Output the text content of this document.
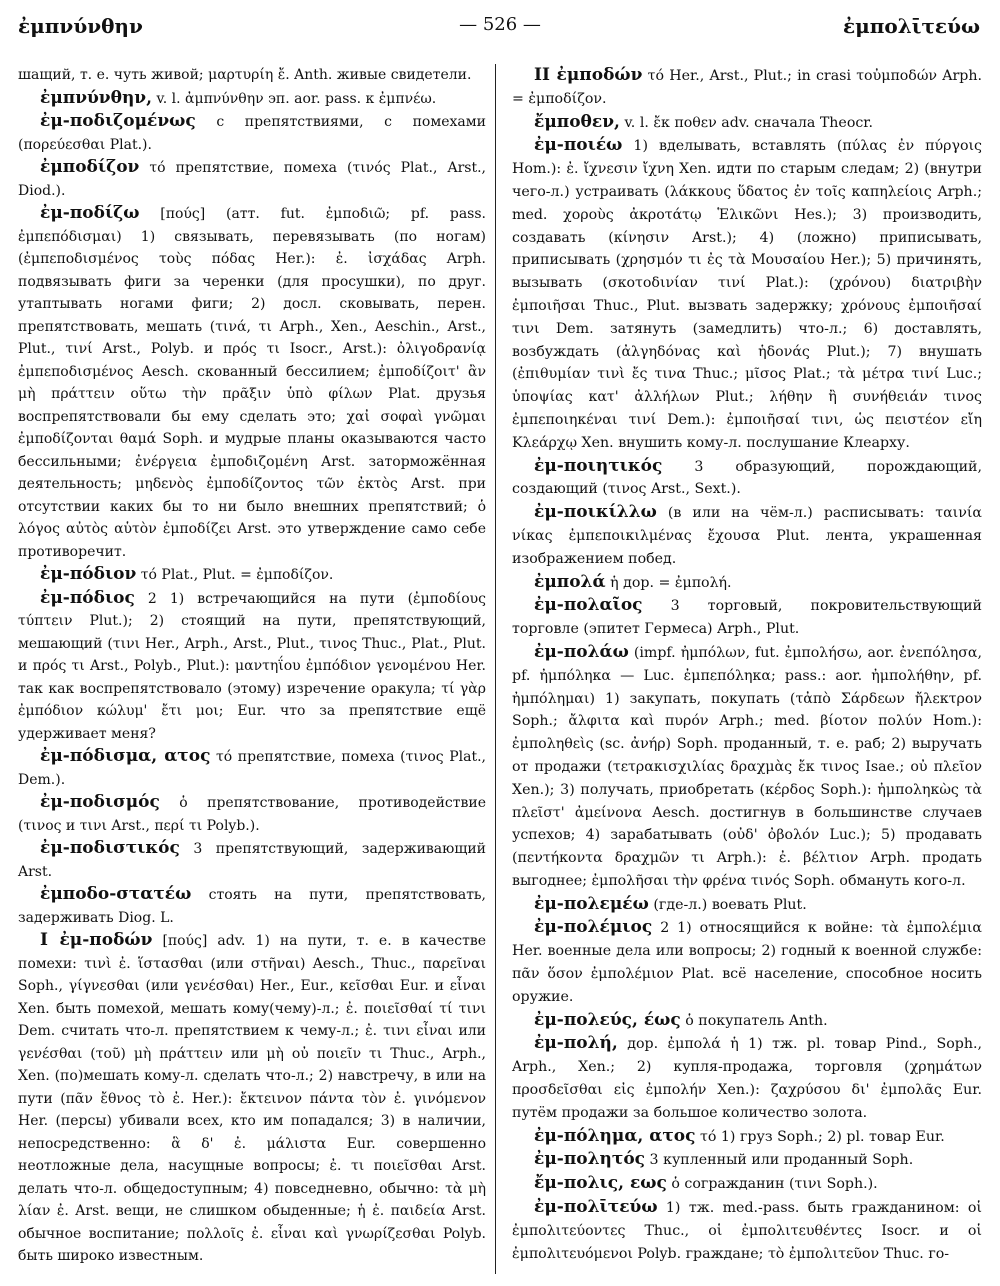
ἐμπνύνθην	— 526 —	ἐμπολῑτεύω

шащий, т. е. чуть живой; μαρτυρίη ἔ. Anth. живые свидетели.

ἐμπνύνθην, v. l. ἀμπνύνθην эп. aor. pass. к ἐμπνέω.

ἐμ-ποδιζομένως с препятствиями, с помехами (πορεύεσθαι Plat.).

ἐμποδίζον τό препятствие, помеха (τινός Plat., Arst., Diod.).

ἐμ-ποδίζω [πούς] (атт. fut. ἐμποδιῶ; pf. pass. ἐμπεπόδισμαι) 1) связывать, перевязывать (по ногам) (ἐμπεποδισμένος τοὺς πόδας Her.): ἐ. ἰσχάδας Arph. подвязывать фиги за черенки (для просушки), по друг. утаптывать ногами фиги; 2) досл. сковывать, перен. препятствовать, мешать (τινά, τι Arph., Xen., Aeschin., Arst., Plut., τινί Arst., Polyb. и πρός τι Isocr., Arst.): ὀλιγοδρανίᾳ ἐμπεποδισμένος Aesch. скованный бессилием; ἐμποδίζοιτ' ἂν μὴ πράττειν οὕτω τὴν πρᾶξιν ὑπὸ φίλων Plat. друзья воспрепятствовали бы ему сделать это; χαἰ σοφαὶ γνῶμαι ἐμποδίζονται θαμά Soph. и мудрые планы оказываются часто бессильными; ἐνέργεια ἐμποδιζομένη Arst. заторможённая деятельность; μηδενὸς ἐμποδίζοντος τῶν ἐκτὸς Arst. при отсутствии каких бы то ни было внешних препятствий; ὁ λόγος αὐτὸς αὑτὸν ἐμποδίζει Arst. это утверждение само себе противоречит.

ἐμ-πόδιον τό Plat., Plut. = ἐμποδίζον.

ἐμ-πόδιος 2 1) встречающийся на пути (ἐμποδίους τύπτειν Plut.); 2) стоящий на пути, препятствующий, мешающий (τινι Her., Arph., Arst., Plut., τινος Thuc., Plat., Plut. и πρός τι Arst., Polyb., Plut.): μαντηΐου ἐμπόδιον γενομένου Her. так как воспрепятствовало (этому) изречение оракула; τί γὰρ ἐμπόδιον κώλυμ' ἔτι μοι; Eur. что за препятствие ещё удерживает меня?

ἐμ-πόδισμα, ατος τό препятствие, помеха (τινος Plat., Dem.).

ἐμ-ποδισμός ὁ препятствование, противодействие (τινος и τινι Arst., περί τι Polyb.).

ἐμ-ποδιστικός 3 препятствующий, задерживающий Arst.

ἐμποδο-στατέω стоять на пути, препятствовать, задерживать Diog. L.

I ἐμ-ποδών [πούς] adv. 1) на пути, т. е. в качестве помехи: τινὶ ἐ. ἵστασθαι (или στῆναι) Aesch., Thuc., παρεῖναι Soph., γίγνεσθαι (или γενέσθαι) Her., Eur., κεῖσθαι Eur. и εἶναι Xen. быть помехой, мешать кому(чему)-л.; ἐ. ποιεῖσθαί τί τινι Dem. считать что-л. препятствием к чему-л.; ἐ. τινι εἶναι или γενέσθαι (τοῦ) μὴ πράττειν или μὴ οὐ ποιεῖν τι Thuc., Arph., Xen. (по)мешать кому-л. сделать что-л.; 2) навстречу, в или на пути (πᾶν ἔθνος τὸ ἐ. Her.): ἔκτεινον πάντα τὸν ἐ. γινόμενον Her. (персы) убивали всех, кто им попадался; 3) в наличии, непосредственно: ἃ δ' ἐ. μάλιστα Eur. совершенно неотложные дела, насущные вопросы; ἐ. τι ποιεῖσθαι Arst. делать что-л. общедоступным; 4) повседневно, обычно: τὰ μὴ λίαν ἐ. Arst. вещи, не слишком обыденные; ἡ ἐ. παιδεία Arst. обычное воспитание; πολλοῖς ἐ. εἶναι καὶ γνωρίζεσθαι Polyb. быть широко известным.

II ἐμποδών τό Her., Arst., Plut.; in crasi τοὐμποδών Arph. = ἐμποδίζον.

ἔμποθεν, v. l. ἔκ ποθεν adv. сначала Theocr.

ἐμ-ποιέω 1) вделывать, вставлять (πύλας ἐν πύργοις Hom.): ἐ. ἴχνεσιν ἴχνη Xen. идти по старым следам; 2) (внутри чего-л.) устраивать (λάκκους ὕδατος ἐν τοῖς καπηλείοις Arph.; med. χοροὺς ἀκροτάτῳ Ἑλικῶνι Hes.); 3) производить, создавать (κίνησιν Arst.); 4) (ложно) приписывать, приписывать (χρησμόν τι ἐς τὰ Μουσαίου Her.); 5) причинять, вызывать (σκοτοδινίαν τινί Plat.): (χρόνου) διατριβὴν ἐμποιῆσαι Thuc., Plut. вызвать задержку; χρόνους ἐμποιῆσαί τινι Dem. затянуть (замедлить) что-л.; 6) доставлять, возбуждать (ἀλγηδόνας καὶ ἡδονάς Plut.); 7) внушать (ἐπιθυμίαν τινὶ ἔς τινα Thuc.; μῖσος Plat.; τὰ μέτρα τινί Luc.; ὑποψίας κατ' ἀλλήλων Plut.; λήθην ἢ συνήθειάν τινος ἐμπεποιηκέναι τινί Dem.): ἐμποιῆσαί τινι, ὡς πειστέον εἴη Κλεάρχῳ Xen. внушить кому-л. послушание Клеарху.

ἐμ-ποιητικός 3 образующий, порождающий, создающий (τινος Arst., Sext.).

ἐμ-ποικίλλω (в или на чём-л.) расписывать: ταινία νίκας ἐμπεποικιλμένας ἔχουσα Plut. лента, украшенная изображением побед.

ἐμπολά ἡ дор. = ἐμπολή.

ἐμ-πολαῖος 3 торговый, покровительствующий торговле (эпитет Гермеса) Arph., Plut.

ἐμ-πολάω (impf. ἠμπόλων, fut. ἐμπολήσω, aor. ἐνεπόλησα, pf. ἠμπόληκα — Luc. ἐμπεπόληκα; pass.: aor. ἠμπολήθην, pf. ἠμπόλημαι) 1) закупать, покупать (τἀπὸ Σάρδεων ἤλεκτρον Soph.; ἄλφιτα καὶ πυρόν Arph.; med. βίοτον πολύν Hom.): ἐμποληθεὶς (sc. ἀνήρ) Soph. проданный, т. е. раб; 2) выручать от продажи (τετρακισχιλίας δραχμὰς ἔκ τινος Isae.; οὐ πλεῖον Xen.); 3) получать, приобретать (κέρδος Soph.): ἠμποληκὼς τὰ πλεῖστ' ἀμείνονα Aesch. достигнув в большинстве случаев успехов; 4) зарабатывать (οὐδ' ὀβολόν Luc.); 5) продавать (πεντήκοντα δραχμῶν τι Arph.): ἐ. βέλτιον Arph. продать выгоднее; ἐμπολῆσαι τὴν φρένα τινός Soph. обмануть кого-л.

ἐμ-πολεμέω (где-л.) воевать Plut.

ἐμ-πολέμιος 2 1) относящийся к войне: τὰ ἐμπολέμια Her. военные дела или вопросы; 2) годный к военной службе: πᾶν ὅσον ἐμπολέμιον Plat. всё население, способное носить оружие.

ἐμ-πολεύς, έως ὁ покупатель Anth.

ἐμ-πολή, дор. ἐμπολά ἡ 1) тж. pl. товар Pind., Soph., Arph., Xen.; 2) купля-продажа, торговля (χρημάτων προσδεῖσθαι εἰς ἐμπολήν Xen.): ζαχρύσου δι' ἐμπολᾶς Eur. путём продажи за большое количество золота.

ἐμ-πόλημα, ατος τό 1) груз Soph.; 2) pl. товар Eur.

ἐμ-πολητός 3 купленный или проданный Soph.

ἔμ-πολις, εως ὁ согражданин (τινι Soph.).

ἐμ-πολῑτεύω 1) тж. med.-pass. быть гражданином: οἱ ἐμπολιτεύοντες Thuc., οἱ ἐμπολιτευθέντες Isocr. и οἱ ἐμπολιτευόμενοι Polyb. граждане; τὸ ἐμπολιτεῦον Thuc. го-
